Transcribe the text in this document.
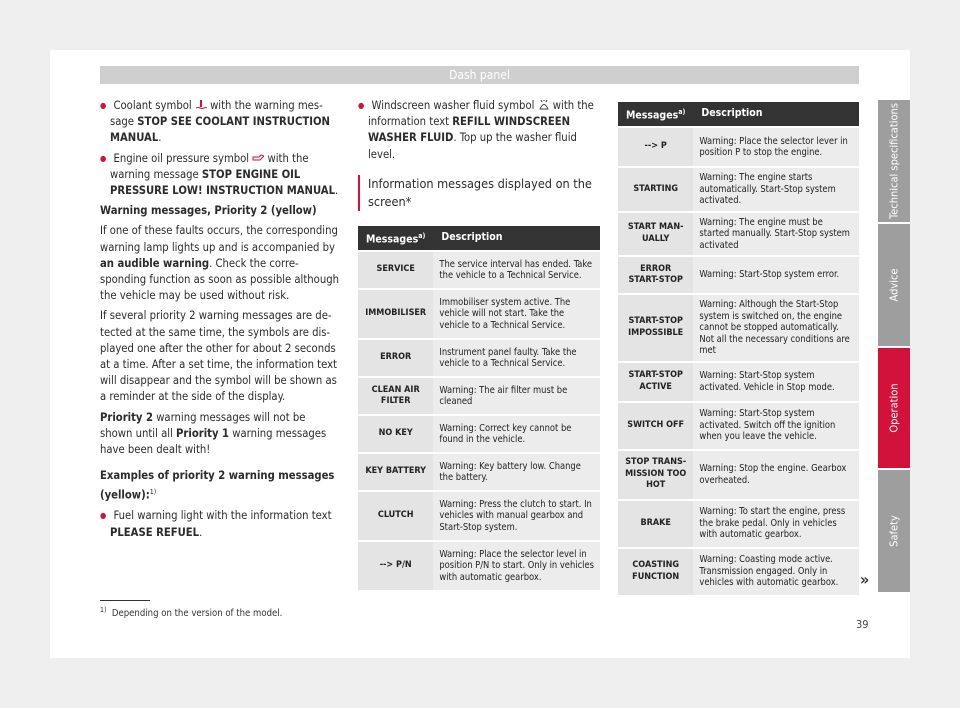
Dash panel

● Coolant symbol  with the warning message STOP SEE COOLANT INSTRUCTION MANUAL.

● Engine oil pressure symbol  with the warning message STOP ENGINE OIL PRESSURE LOW! INSTRUCTION MANUAL.

Warning messages, Priority 2 (yellow)

If one of these faults occurs, the corresponding warning lamp lights up and is accompanied by an audible warning. Check the corresponding function as soon as possible although the vehicle may be used without risk.

If several priority 2 warning messages are detected at the same time, the symbols are displayed one after the other for about 2 seconds at a time. After a set time, the information text will disappear and the symbol will be shown as a reminder at the side of the display.

Priority 2 warning messages will not be shown until all Priority 1 warning messages have been dealt with!

Examples of priority 2 warning messages (yellow):$^{1)}$

● Fuel warning light with the information text PLEASE REFUEL.

● Windscreen washer fluid symbol  with the information text REFILL WINDSCREEN WASHER FLUID. Top up the washer fluid level.

Information messages displayed on the screen*
Messages$^{a)}$	Description
SERVICE	The service interval has ended. Take the vehicle to a Technical Service.
IMMOBILISER	Immobiliser system active. The vehicle will not start. Take the vehicle to a Technical Service.
ERROR	Instrument panel faulty. Take the vehicle to a Technical Service.
CLEAN AIR FILTER	Warning: The air filter must be cleaned
NO KEY	Warning: Correct key cannot be found in the vehicle.
KEY BATTERY	Warning: Key battery low. Change the battery.
CLUTCH	Warning: Press the clutch to start. In vehicles with manual gearbox and Start-Stop system.
--> P/N	Warning: Place the selector level in position P/N to start. Only in vehicles with automatic gearbox.
Messages$^{a)}$	Description
--> P	Warning: Place the selector lever in position P to stop the engine.
STARTING	Warning: The engine starts automatically. Start-Stop system activated.
START MANUALLY	Warning: The engine must be started manually. Start-Stop system activated
ERROR START-STOP	Warning: Start-Stop system error.
START-STOP IMPOSSIBLE	Warning: Although the Start-Stop system is switched on, the engine cannot be stopped automatically. Not all the necessary conditions are met
START-STOP ACTIVE	Warning: Start-Stop system activated. Vehicle in Stop mode.
SWITCH OFF	Warning: Start-Stop system activated. Switch off the ignition when you leave the vehicle.
STOP TRANSMISSION TOO HOT	Warning: Stop the engine. Gearbox overheated.
BRAKE	Warning: To start the engine, press the brake pedal. Only in vehicles with automatic gearbox.
COASTING FUNCTION	Warning: Coasting mode active. Transmission engaged. Only in vehicles with automatic gearbox.
Technical specifications
Advice
Operation
Safety
»
$^{1)}$ Depending on the version of the model.
39
